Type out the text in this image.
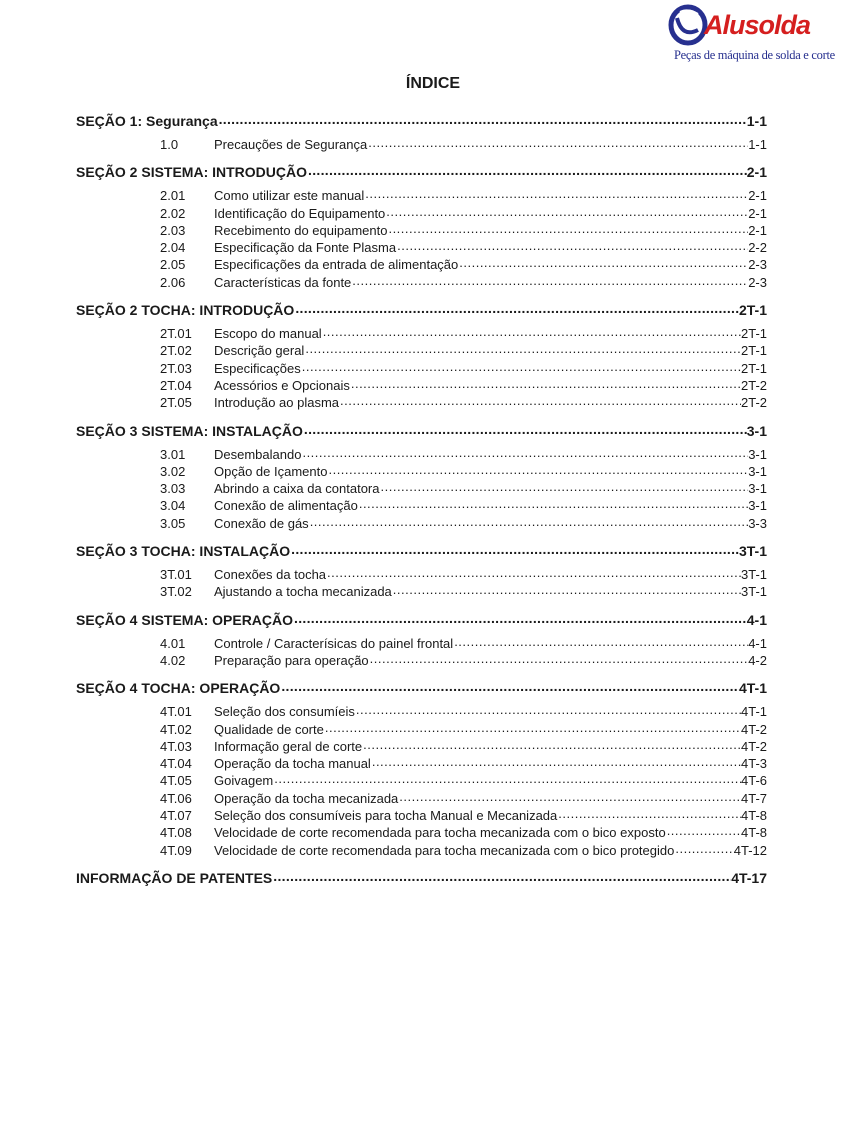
Alusolda
Peças de máquina de solda e corte
ÍNDICE
SEÇÃO 1: Segurança .....	1-1
1.0	Precauções de Segurança .....	1-1
SEÇÃO 2 SISTEMA: INTRODUÇÃO .....	2-1
2.01	Como utilizar este manual .....	2-1
2.02	Identificação do Equipamento .....	2-1
2.03	Recebimento do equipamento .....	2-1
2.04	Especificação da Fonte Plasma .....	2-2
2.05	Especificações da entrada de alimentação .....	2-3
2.06	Características da fonte .....	2-3
SEÇÃO 2 TOCHA: INTRODUÇÃO .....	2T-1
2T.01	Escopo do manual .....	2T-1
2T.02	Descrição geral .....	2T-1
2T.03	Especificações .....	2T-1
2T.04	Acessórios e Opcionais .....	2T-2
2T.05	Introdução ao plasma .....	2T-2
SEÇÃO 3 SISTEMA: INSTALAÇÃO .....	3-1
3.01	Desembalando .....	3-1
3.02	Opção de Içamento .....	3-1
3.03	Abrindo a caixa da contatora .....	3-1
3.04	Conexão de alimentação .....	3-1
3.05	Conexão de gás .....	3-3
SEÇÃO 3 TOCHA: INSTALAÇÃO .....	3T-1
3T.01	Conexões da tocha .....	3T-1
3T.02	Ajustando a tocha mecanizada .....	3T-1
SEÇÃO 4 SISTEMA: OPERAÇÃO .....	4-1
4.01	Controle / Caracterísicas do painel frontal .....	4-1
4.02	Preparação para operação .....	4-2
SEÇÃO 4 TOCHA: OPERAÇÃO .....	4T-1
4T.01	Seleção dos consumíeis .....	4T-1
4T.02	Qualidade de corte .....	4T-2
4T.03	Informação geral de corte .....	4T-2
4T.04	Operação da tocha manual .....	4T-3
4T.05	Goivagem .....	4T-6
4T.06	Operação da tocha mecanizada .....	4T-7
4T.07	Seleção dos consumíveis para tocha Manual e Mecanizada .....	4T-8
4T.08	Velocidade de corte recomendada para tocha mecanizada com o bico exposto .....	4T-8
4T.09	Velocidade de corte recomendada para tocha mecanizada com o bico protegido .....	4T-12
INFORMAÇÃO DE PATENTES .....	4T-17
